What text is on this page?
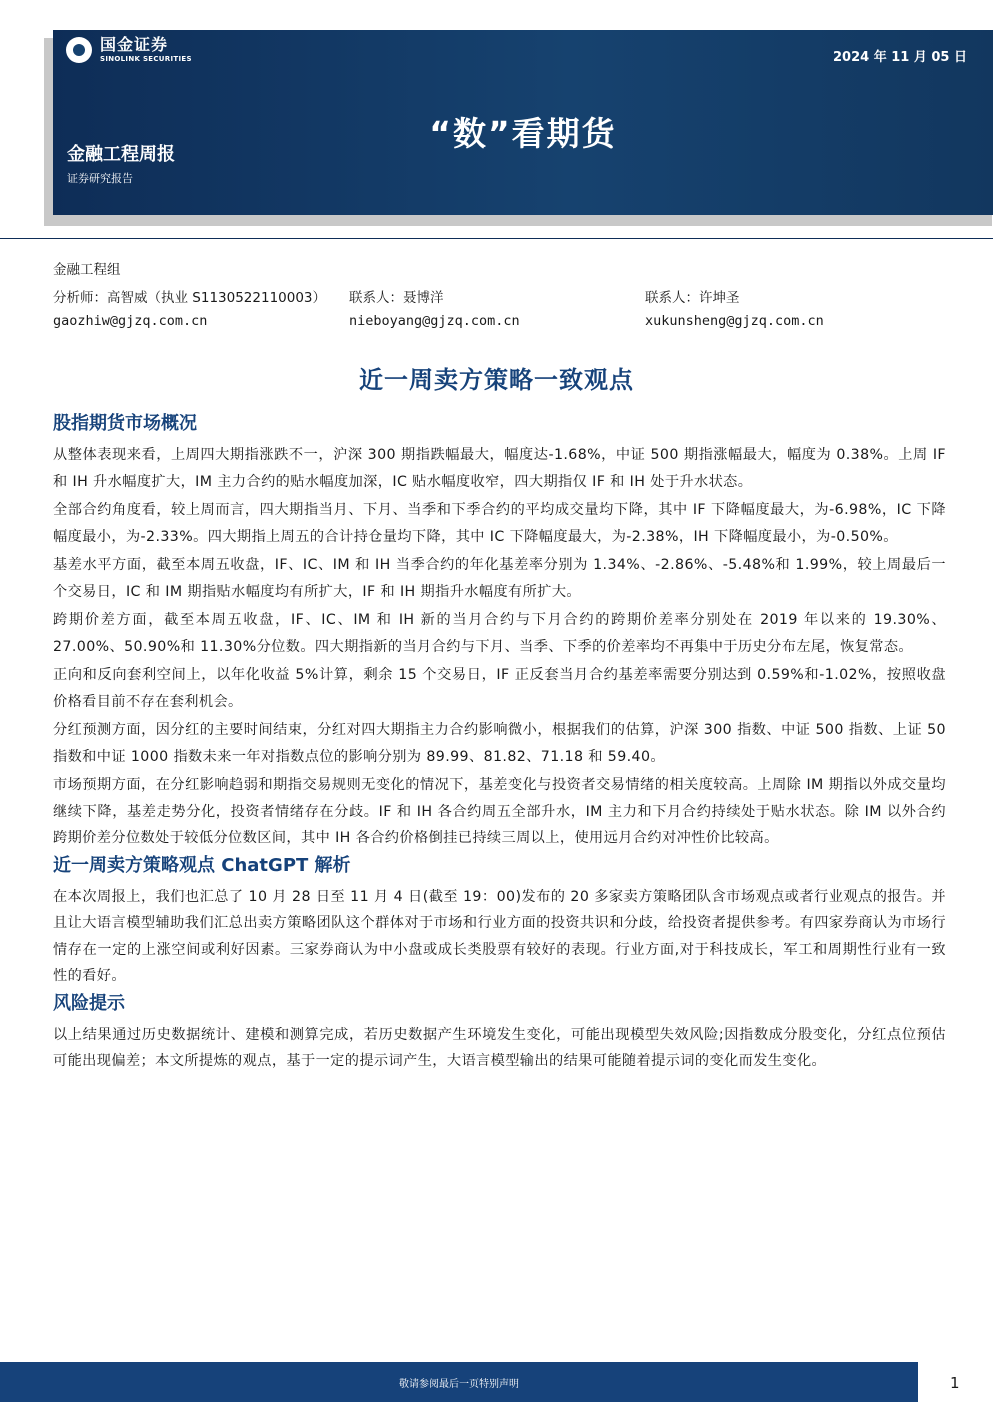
国金证券
SINOLINK SECURITIES	2024 年 11 月 05 日
“数”看期货
金融工程周报
证券研究报告
金融工程组
分析师：高智威（执业 S1130522110003） 联系人：聂博洋	联系人：许坤圣
gaozhiw@gjzq.com.cn	nieboyang@gjzq.com.cn	xukunsheng@gjzq.com.cn
近一周卖方策略一致观点
股指期货市场概况

从整体表现来看，上周四大期指涨跌不一，沪深 300 期指跌幅最大，幅度达-1.68%，中证 500 期指涨幅最大，幅度为 0.38%。上周 IF 和 IH 升水幅度扩大，IM 主力合约的贴水幅度加深，IC 贴水幅度收窄，四大期指仅 IF 和 IH 处于升水状态。

全部合约角度看，较上周而言，四大期指当月、下月、当季和下季合约的平均成交量均下降，其中 IF 下降幅度最大，为-6.98%，IC 下降幅度最小，为-2.33%。四大期指上周五的合计持仓量均下降，其中 IC 下降幅度最大，为-2.38%，IH 下降幅度最小，为-0.50%。

基差水平方面，截至本周五收盘，IF、IC、IM 和 IH 当季合约的年化基差率分别为 1.34%、-2.86%、-5.48%和 1.99%，较上周最后一个交易日，IC 和 IM 期指贴水幅度均有所扩大，IF 和 IH 期指升水幅度有所扩大。

跨期价差方面，截至本周五收盘，IF、IC、IM 和 IH 新的当月合约与下月合约的跨期价差率分别处在 2019 年以来的 19.30%、27.00%、50.90%和 11.30%分位数。四大期指新的当月合约与下月、当季、下季的价差率均不再集中于历史分布左尾，恢复常态。

正向和反向套利空间上，以年化收益 5%计算，剩余 15 个交易日，IF 正反套当月合约基差率需要分别达到 0.59%和-1.02%，按照收盘价格看目前不存在套利机会。

分红预测方面，因分红的主要时间结束，分红对四大期指主力合约影响微小，根据我们的估算，沪深 300 指数、中证 500 指数、上证 50 指数和中证 1000 指数未来一年对指数点位的影响分别为 89.99、81.82、71.18 和 59.40。

市场预期方面，在分红影响趋弱和期指交易规则无变化的情况下，基差变化与投资者交易情绪的相关度较高。上周除 IM 期指以外成交量均继续下降，基差走势分化，投资者情绪存在分歧。IF 和 IH 各合约周五全部升水，IM 主力和下月合约持续处于贴水状态。除 IM 以外合约跨期价差分位数处于较低分位数区间，其中 IH 各合约价格倒挂已持续三周以上，使用远月合约对冲性价比较高。

近一周卖方策略观点 ChatGPT 解析

在本次周报上，我们也汇总了 10 月 28 日至 11 月 4 日(截至 19：00)发布的 20 多家卖方策略团队含市场观点或者行业观点的报告。并且让大语言模型辅助我们汇总出卖方策略团队这个群体对于市场和行业方面的投资共识和分歧，给投资者提供参考。有四家券商认为市场行情存在一定的上涨空间或利好因素。三家券商认为中小盘或成长类股票有较好的表现。行业方面,对于科技成长，军工和周期性行业有一致性的看好。

风险提示

以上结果通过历史数据统计、建模和测算完成，若历史数据产生环境发生变化，可能出现模型失效风险;因指数成分股变化，分红点位预估可能出现偏差；本文所提炼的观点，基于一定的提示词产生，大语言模型输出的结果可能随着提示词的变化而发生变化。

敬请参阅最后一页特别声明	1
